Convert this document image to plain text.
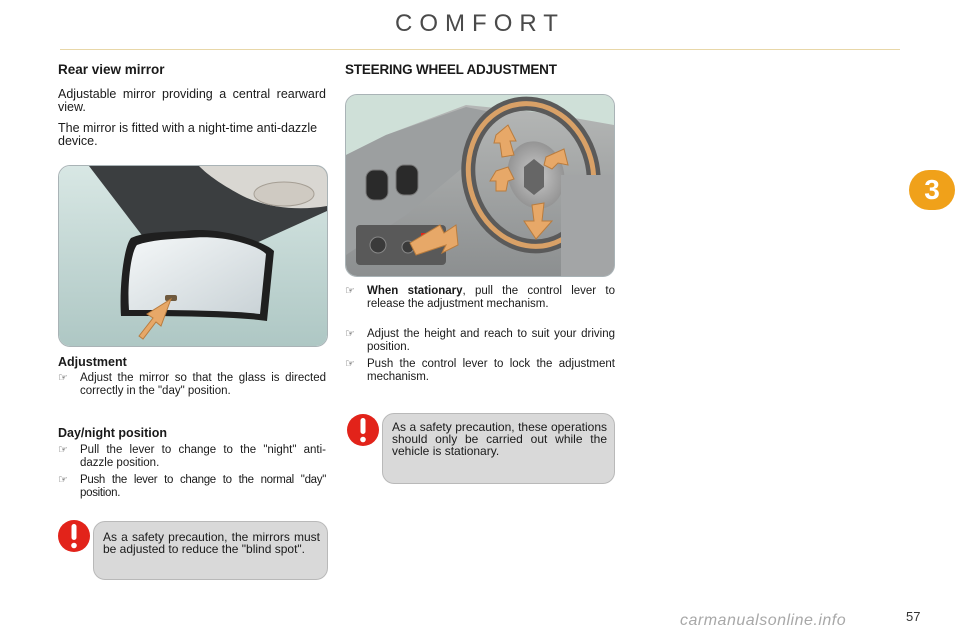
COMFORT
3
Rear view mirror

Adjustable mirror providing a central rearward view.

The mirror is fitted with a night-time anti-dazzle device.

Adjustment
☞	Adjust the mirror so that the glass is directed correctly in the "day" position.
Day/night position
☞	Pull the lever to change to the "night" anti-dazzle position.
☞	Push the lever to change to the normal "day" position.
As a safety precaution, the mirrors must be adjusted to reduce the "blind spot".
STEERING WHEEL ADJUSTMENT
☞	When stationary, pull the control lever to release the adjustment mechanism.
☞	Adjust the height and reach to suit your driving position.
☞	Push the control lever to lock the adjustment mechanism.
As a safety precaution, these operations should only be carried out while the vehicle is stationary.
carmanualsonline.info	57
